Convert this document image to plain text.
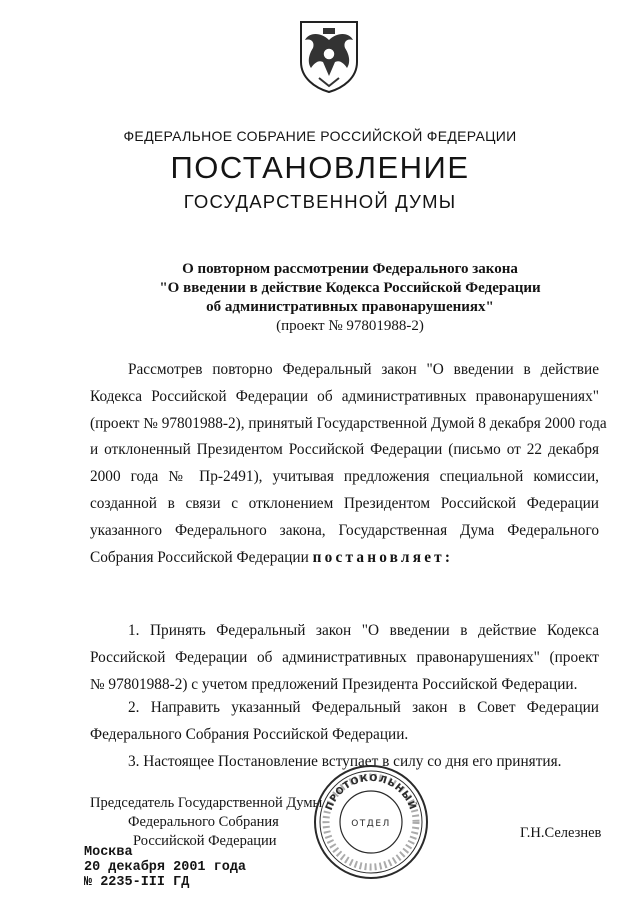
ФЕДЕРАЛЬНОЕ СОБРАНИЕ РОССИЙСКОЙ ФЕДЕРАЦИИ
ПОСТАНОВЛЕНИЕ
ГОСУДАРСТВЕННОЙ ДУМЫ
О повторном рассмотрении Федерального закона
"О введении в действие Кодекса Российской Федерации
об административных правонарушениях"
(проект № 97801988-2)
Рассмотрев повторно Федеральный закон "О введении в действие
Кодекса Российской Федерации об административных правонарушениях"
(проект № 97801988-2), принятый Государственной Думой 8 декабря 2000 года
и отклоненный Президентом Российской Федерации (письмо от 22 декабря
2000 года № Пр-2491), учитывая предложения специальной комиссии,
созданной в связи с отклонением Президентом Российской Федерации
указанного Федерального закона, Государственная Дума Федерального
Собрания Российской Федерации постановляет:
1. Принять Федеральный закон "О введении в действие Кодекса
Российской Федерации об административных правонарушениях" (проект
№ 97801988-2) с учетом предложений Президента Российской Федерации.
2. Направить указанный Федеральный закон в Совет Федерации
Федерального Собрания Российской Федерации.
3. Настоящее Постановление вступает в силу со дня его принятия.
Председатель Государственной Думы
Федерального Собрания
Российской Федерации	Г.Н.Селезнев
ПРОТОКОЛЬНЫЙ
ОТДЕЛ
Москва
20 декабря 2001 года
№ 2235-III ГД
